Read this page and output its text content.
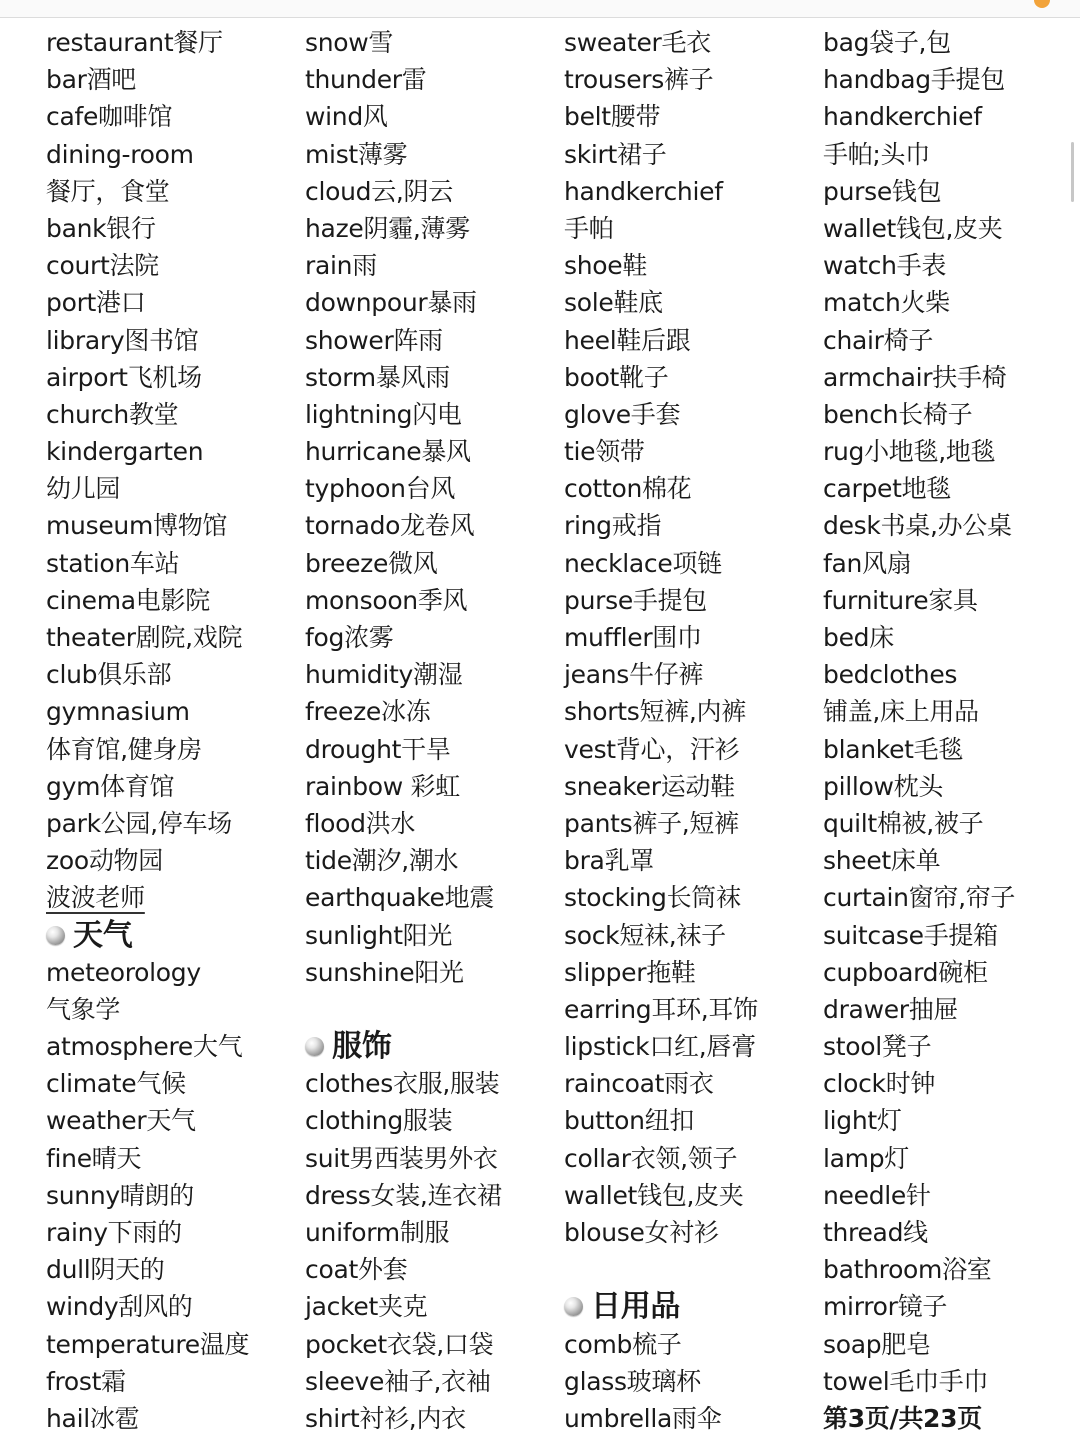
restaurant餐厅
bar酒吧
cafe咖啡馆
dining-room
餐厅，食堂
bank银行
court法院
port港口
library图书馆
airport飞机场
church教堂
kindergarten
幼儿园
museum博物馆
station车站
cinema电影院
theater剧院,戏院
club俱乐部
gymnasium
体育馆,健身房
gym体育馆
park公园,停车场
zoo动物园
波波老师
天气
meteorology
气象学
atmosphere大气
climate气候
weather天气
fine晴天
sunny晴朗的
rainy下雨的
dull阴天的
windy刮风的
temperature温度
frost霜
hail冰雹
snow雪
thunder雷
wind风
mist薄雾
cloud云,阴云
haze阴霾,薄雾
rain雨
downpour暴雨
shower阵雨
storm暴风雨
lightning闪电
hurricane暴风
typhoon台风
tornado龙卷风
breeze微风
monsoon季风
fog浓雾
humidity潮湿
freeze冰冻
drought干旱
rainbow 彩虹
flood洪水
tide潮汐,潮水
earthquake地震
sunlight阳光
sunshine阳光
服饰
clothes衣服,服装
clothing服装
suit男西装男外衣
dress女装,连衣裙
uniform制服
coat外套
jacket夹克
pocket衣袋,口袋
sleeve袖子,衣袖
shirt衬衫,内衣
sweater毛衣
trousers裤子
belt腰带
skirt裙子
handkerchief
手帕
shoe鞋
sole鞋底
heel鞋后跟
boot靴子
glove手套
tie领带
cotton棉花
ring戒指
necklace项链
purse手提包
muffler围巾
jeans牛仔裤
shorts短裤,内裤
vest背心，汗衫
sneaker运动鞋
pants裤子,短裤
bra乳罩
stocking长筒袜
sock短袜,袜子
slipper拖鞋
earring耳环,耳饰
lipstick口红,唇膏
raincoat雨衣
button纽扣
collar衣领,领子
wallet钱包,皮夹
blouse女衬衫
日用品
comb梳子
glass玻璃杯
umbrella雨伞
bag袋子,包
handbag手提包
handkerchief
手帕;头巾
purse钱包
wallet钱包,皮夹
watch手表
match火柴
chair椅子
armchair扶手椅
bench长椅子
rug小地毯,地毯
carpet地毯
desk书桌,办公桌
fan风扇
furniture家具
bed床
bedclothes
铺盖,床上用品
blanket毛毯
pillow枕头
quilt棉被,被子
sheet床单
curtain窗帘,帘子
suitcase手提箱
cupboard碗柜
drawer抽屉
stool凳子
clock时钟
light灯
lamp灯
needle针
thread线
bathroom浴室
mirror镜子
soap肥皂
towel毛巾手巾
第3页/共23页
